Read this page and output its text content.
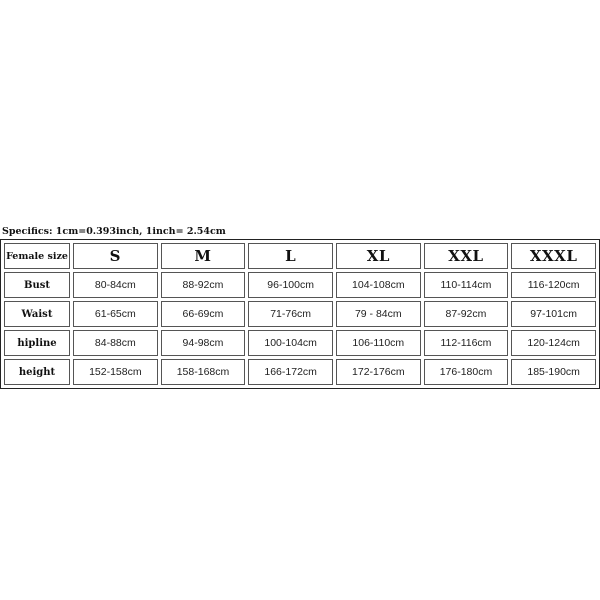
Specifics: 1cm=0.393inch, 1inch= 2.54cm
Female size	S	M	L	XL	XXL	XXXL
Bust	80-84cm	88-92cm	96-100cm	104-108cm	110-114cm	116-120cm
Waist	61-65cm	66-69cm	71-76cm	79 - 84cm	87-92cm	97-101cm
hipline	84-88cm	94-98cm	100-104cm	106-110cm	112-116cm	120-124cm
height	152-158cm	158-168cm	166-172cm	172-176cm	176-180cm	185-190cm
